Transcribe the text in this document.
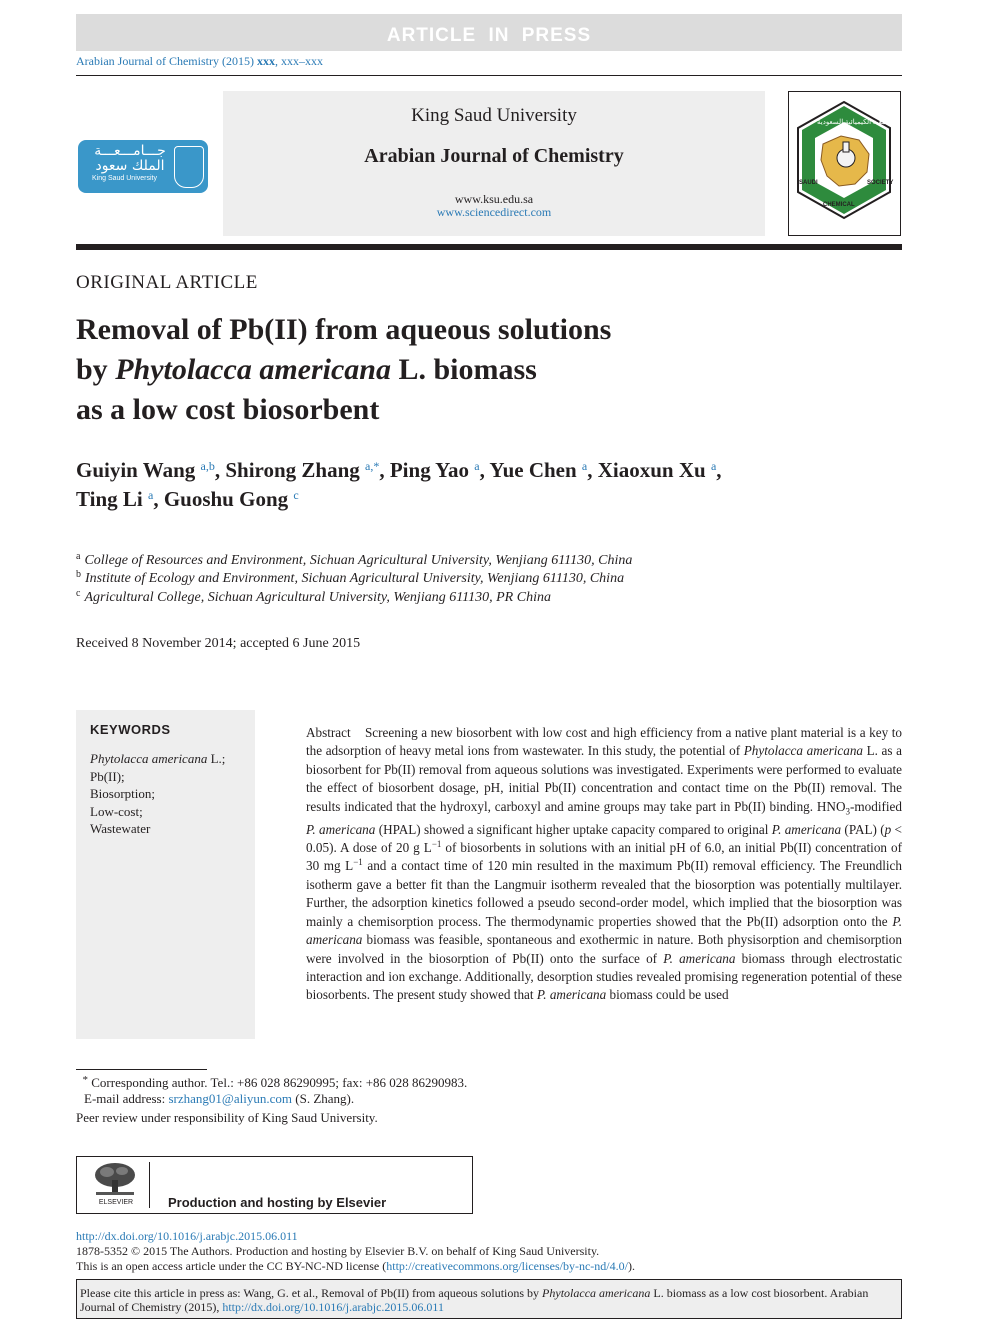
ARTICLE IN PRESS
Arabian Journal of Chemistry (2015) xxx, xxx–xxx
جـــامـــعـــة
الملك سعود
King Saud University
King Saud University
Arabian Journal of Chemistry
www.ksu.edu.sa
www.sciencedirect.com
الجمعية الكيميائية السعودية
SAUDI
CHEMICAL
SOCIETY
ORIGINAL ARTICLE
Removal of Pb(II) from aqueous solutions
by Phytolacca americana L. biomass
as a low cost biosorbent
Guiyin Wang $^{a,b}$, Shirong Zhang $^{a,*}$, Ping Yao $^a$, Yue Chen $^a$, Xiaoxun Xu $^a$,
Ting Li $^a$, Guoshu Gong $^c$
$^a$ College of Resources and Environment, Sichuan Agricultural University, Wenjiang 611130, China
$^b$ Institute of Ecology and Environment, Sichuan Agricultural University, Wenjiang 611130, China
$^c$ Agricultural College, Sichuan Agricultural University, Wenjiang 611130, PR China
Received 8 November 2014; accepted 6 June 2015
KEYWORDS
Phytolacca americana L.;
Pb(II);
Biosorption;
Low-cost;
Wastewater
Abstract Screening a new biosorbent with low cost and high efficiency from a native plant material is a key to the adsorption of heavy metal ions from wastewater. In this study, the potential of Phytolacca americana L. as a biosorbent for Pb(II) removal from aqueous solutions was investigated. Experiments were performed to evaluate the effect of biosorbent dosage, pH, initial Pb(II) concentration and contact time on the Pb(II) removal. The results indicated that the hydroxyl, carboxyl and amine groups may take part in Pb(II) binding. $HNO_3$-modified P. americana (HPAL) showed a significant higher uptake capacity compared to original P. americana (PAL) (p < 0.05). A dose of 20 g $L^{-1}$ of biosorbents in solutions with an initial pH of 6.0, an initial Pb(II) concentration of 30 mg $L^{-1}$ and a contact time of 120 min resulted in the maximum Pb(II) removal efficiency. The Freundlich isotherm gave a better fit than the Langmuir isotherm revealed that the biosorption was potentially multilayer. Further, the adsorption kinetics followed a pseudo second-order model, which implied that the biosorption was mainly a chemisorption process. The thermodynamic properties showed that the Pb(II) adsorption onto the P. americana biomass was feasible, spontaneous and exothermic in nature. Both physisorption and chemisorption were involved in the biosorption of Pb(II) onto the surface of P. americana biomass through electrostatic interaction and ion exchange. Additionally, desorption studies revealed promising regeneration potential of these biosorbents. The present study showed that P. americana biomass could be used
* Corresponding author. Tel.: +86 028 86290995; fax: +86 028 86290983.
E-mail address: srzhang01@aliyun.com (S. Zhang).
Peer review under responsibility of King Saud University.
ELSEVIER	Production and hosting by Elsevier
http://dx.doi.org/10.1016/j.arabjc.2015.06.011
1878-5352 © 2015 The Authors. Production and hosting by Elsevier B.V. on behalf of King Saud University.
This is an open access article under the CC BY-NC-ND license (http://creativecommons.org/licenses/by-nc-nd/4.0/).
Please cite this article in press as: Wang, G. et al., Removal of Pb(II) from aqueous solutions by Phytolacca americana L. biomass as a low cost biosorbent. Arabian Journal of Chemistry (2015), http://dx.doi.org/10.1016/j.arabjc.2015.06.011
